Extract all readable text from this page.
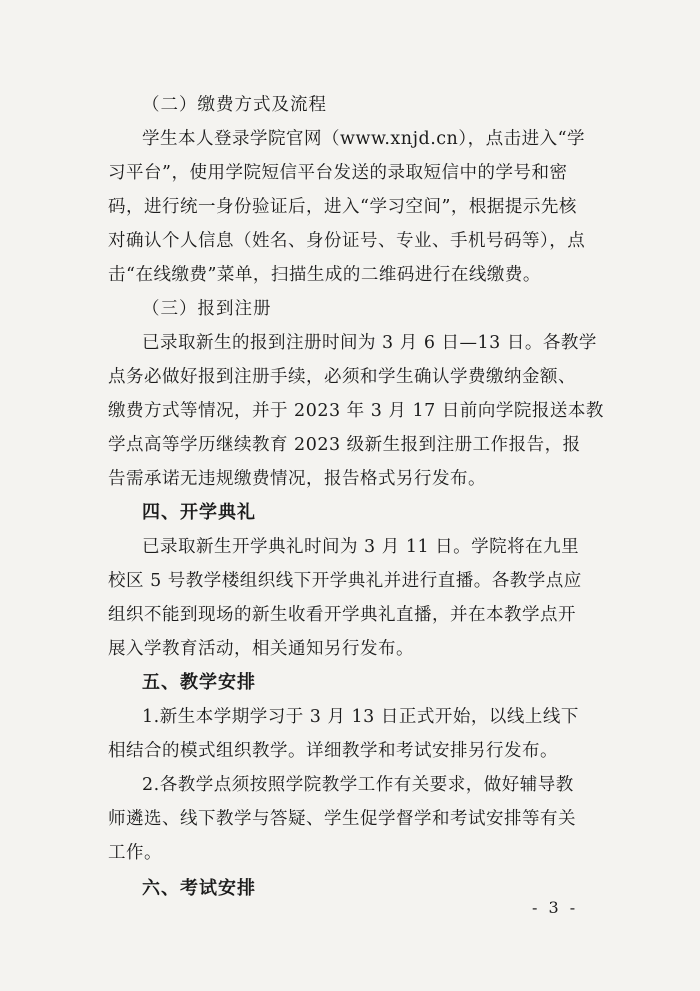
（二）缴费方式及流程
学生本人登录学院官网（www.xnjd.cn），点击进入“学
习平台”，使用学院短信平台发送的录取短信中的学号和密
码，进行统一身份验证后，进入“学习空间”，根据提示先核
对确认个人信息（姓名、身份证号、专业、手机号码等），点
击“在线缴费”菜单，扫描生成的二维码进行在线缴费。
（三）报到注册
已录取新生的报到注册时间为 3 月 6 日—13 日。各教学
点务必做好报到注册手续，必须和学生确认学费缴纳金额、
缴费方式等情况，并于 2023 年 3 月 17 日前向学院报送本教
学点高等学历继续教育 2023 级新生报到注册工作报告，报
告需承诺无违规缴费情况，报告格式另行发布。
四、开学典礼
已录取新生开学典礼时间为 3 月 11 日。学院将在九里
校区 5 号教学楼组织线下开学典礼并进行直播。各教学点应
组织不能到现场的新生收看开学典礼直播，并在本教学点开
展入学教育活动，相关通知另行发布。
五、教学安排
1.新生本学期学习于 3 月 13 日正式开始，以线上线下
相结合的模式组织教学。详细教学和考试安排另行发布。
2.各教学点须按照学院教学工作有关要求，做好辅导教
师遴选、线下教学与答疑、学生促学督学和考试安排等有关
工作。
六、考试安排
- 3 -
